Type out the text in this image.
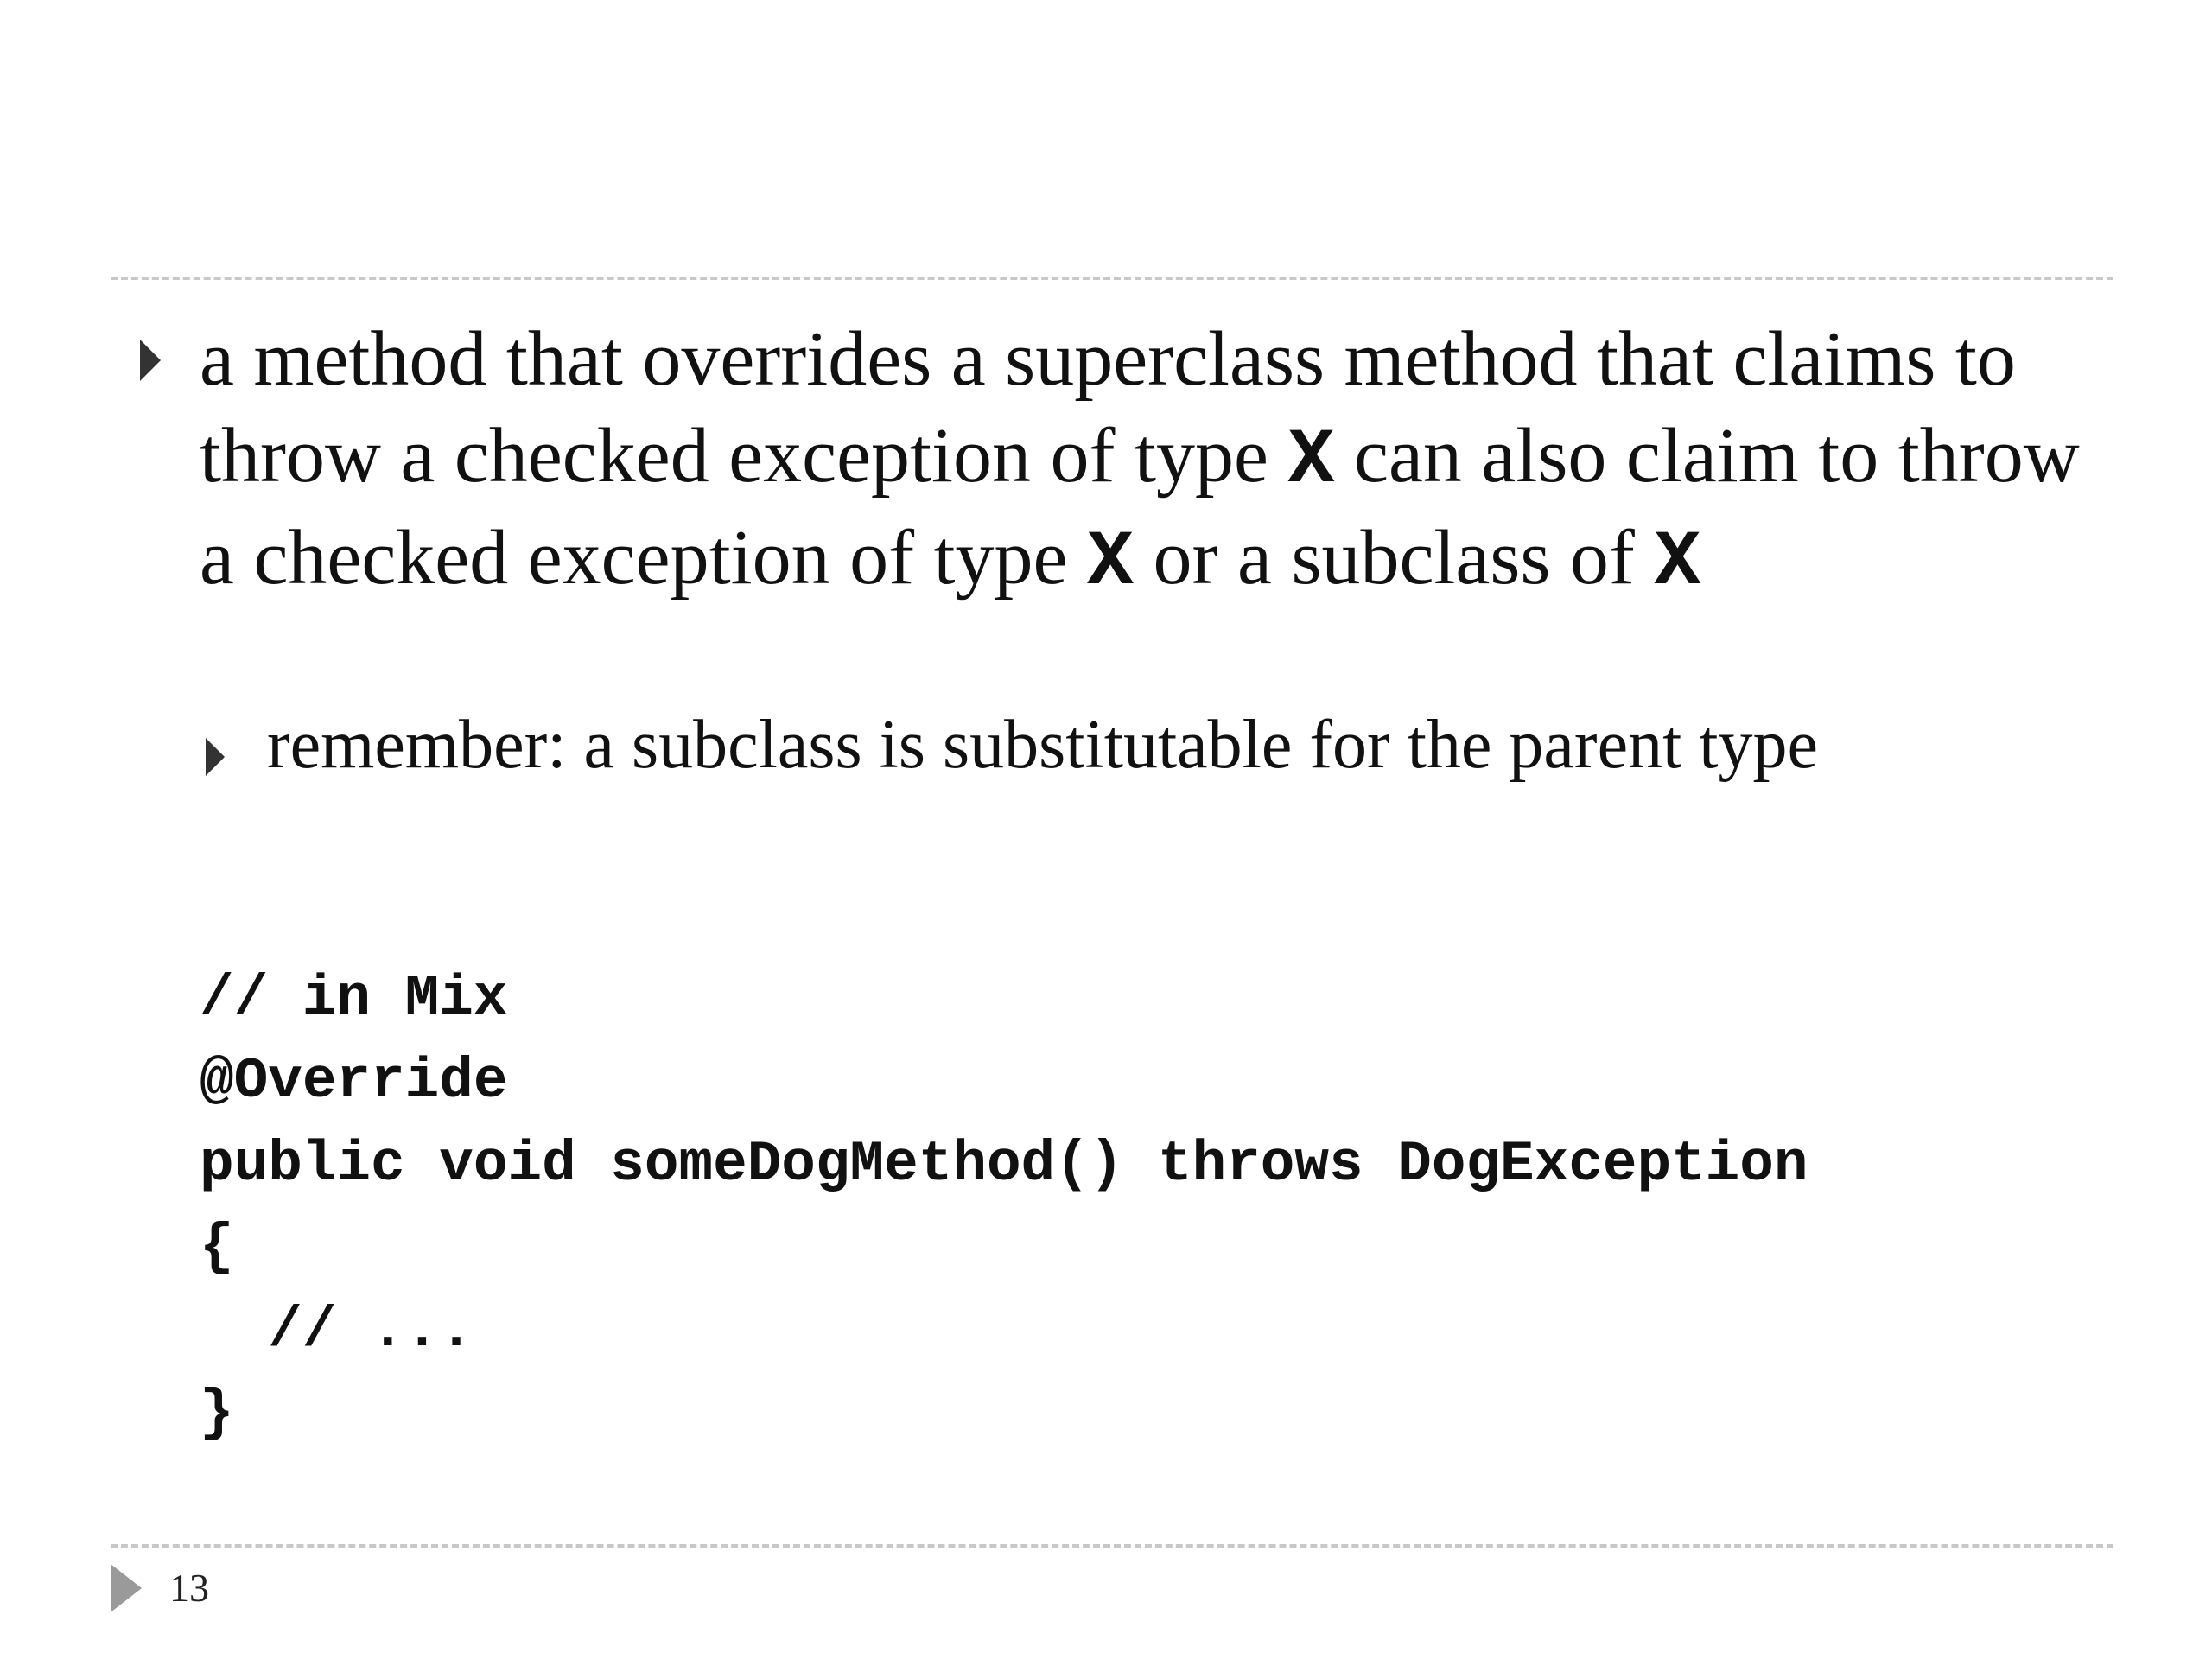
a method that overrides a superclass method that claims to throw a checked exception of type X can also claim to throw a checked exception of type X or a subclass of X
remember: a subclass is substitutable for the parent type
// in Mix
@Override
public void someDogMethod() throws DogException
{
// ...
}
13
